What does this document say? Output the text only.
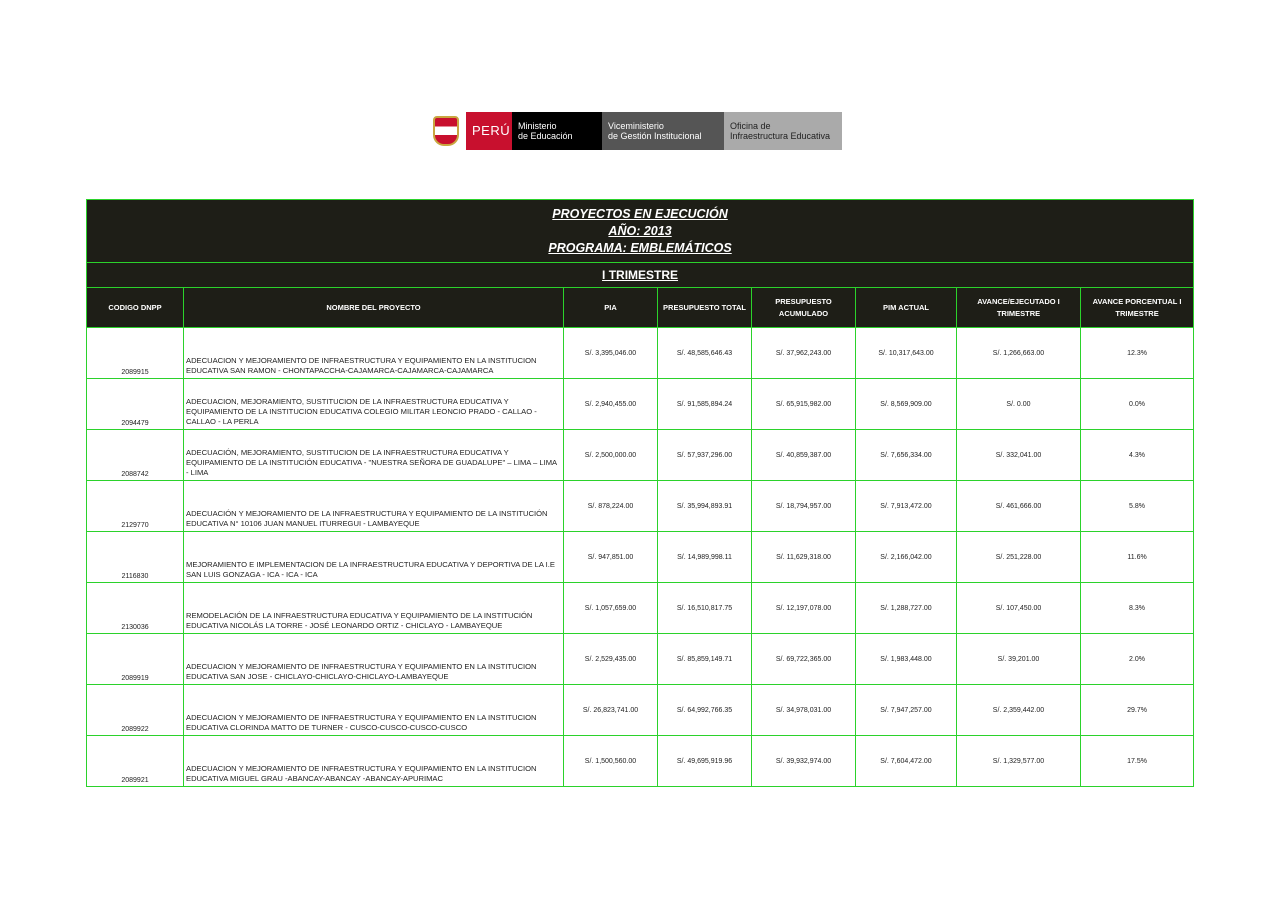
PERÚ Ministerio
de Educación
Viceministerio
de Gestión Institucional
Oficina de
Infraestructura Educativa
PROYECTOS EN EJECUCIÓN
AÑO: 2013
PROGRAMA: EMBLEMÁTICOS							

I TRIMESTRE							
CODIGO DNPP	NOMBRE DEL PROYECTO	PIA	PRESUPUESTO TOTAL	PRESUPUESTO ACUMULADO	PIM ACTUAL	AVANCE/EJECUTADO I TRIMESTRE	AVANCE PORCENTUAL I TRIMESTRE
2089915	ADECUACION Y MEJORAMIENTO DE INFRAESTRUCTURA Y EQUIPAMIENTO EN LA INSTITUCION EDUCATIVA SAN RAMON - CHONTAPACCHA-CAJAMARCA-CAJAMARCA-CAJAMARCA	S/. 3,395,046.00	S/. 48,585,646.43	S/. 37,962,243.00	S/. 10,317,643.00	S/. 1,266,663.00	12.3%
2094479	ADECUACION, MEJORAMIENTO, SUSTITUCION DE LA INFRAESTRUCTURA EDUCATIVA Y EQUIPAMIENTO DE LA INSTITUCION EDUCATIVA COLEGIO MILITAR LEONCIO PRADO - CALLAO - CALLAO - LA PERLA	S/. 2,940,455.00	S/. 91,585,894.24	S/. 65,915,982.00	S/. 8,569,909.00	S/. 0.00	0.0%
2088742	ADECUACIÓN, MEJORAMIENTO, SUSTITUCION DE LA INFRAESTRUCTURA EDUCATIVA Y EQUIPAMIENTO DE LA INSTITUCIÓN EDUCATIVA - "NUESTRA SEÑORA DE GUADALUPE" – LIMA – LIMA - LIMA	S/. 2,500,000.00	S/. 57,937,296.00	S/. 40,859,387.00	S/. 7,656,334.00	S/. 332,041.00	4.3%
2129770	ADECUACIÓN Y MEJORAMIENTO DE LA INFRAESTRUCTURA Y EQUIPAMIENTO DE LA INSTITUCIÓN EDUCATIVA N° 10106 JUAN MANUEL ITURREGUI - LAMBAYEQUE	S/. 878,224.00	S/. 35,994,893.91	S/. 18,794,957.00	S/. 7,913,472.00	S/. 461,666.00	5.8%
2116830	MEJORAMIENTO E IMPLEMENTACION DE LA INFRAESTRUCTURA EDUCATIVA Y DEPORTIVA DE LA I.E SAN LUIS GONZAGA - ICA - ICA - ICA	S/. 947,851.00	S/. 14,989,998.11	S/. 11,629,318.00	S/. 2,166,042.00	S/. 251,228.00	11.6%
2130036	REMODELACIÓN DE LA INFRAESTRUCTURA EDUCATIVA Y EQUIPAMIENTO DE LA INSTITUCIÓN EDUCATIVA NICOLÁS LA TORRE - JOSÉ LEONARDO ORTIZ - CHICLAYO - LAMBAYEQUE	S/. 1,057,659.00	S/. 16,510,817.75	S/. 12,197,078.00	S/. 1,288,727.00	S/. 107,450.00	8.3%
2089919	ADECUACION Y MEJORAMIENTO DE INFRAESTRUCTURA Y EQUIPAMIENTO EN LA INSTITUCION EDUCATIVA SAN JOSE - CHICLAYO-CHICLAYO-CHICLAYO-LAMBAYEQUE	S/. 2,529,435.00	S/. 85,859,149.71	S/. 69,722,365.00	S/. 1,983,448.00	S/. 39,201.00	2.0%
2089922	ADECUACION Y MEJORAMIENTO DE INFRAESTRUCTURA Y EQUIPAMIENTO EN LA INSTITUCION EDUCATIVA CLORINDA MATTO DE TURNER - CUSCO-CUSCO-CUSCO-CUSCO	S/. 26,823,741.00	S/. 64,992,766.35	S/. 34,978,031.00	S/. 7,947,257.00	S/. 2,359,442.00	29.7%
2089921	ADECUACION Y MEJORAMIENTO DE INFRAESTRUCTURA Y EQUIPAMIENTO EN LA INSTITUCION EDUCATIVA MIGUEL GRAU -ABANCAY-ABANCAY -ABANCAY-APURIMAC	S/. 1,500,560.00	S/. 49,695,919.96	S/. 39,932,974.00	S/. 7,604,472.00	S/. 1,329,577.00	17.5%
